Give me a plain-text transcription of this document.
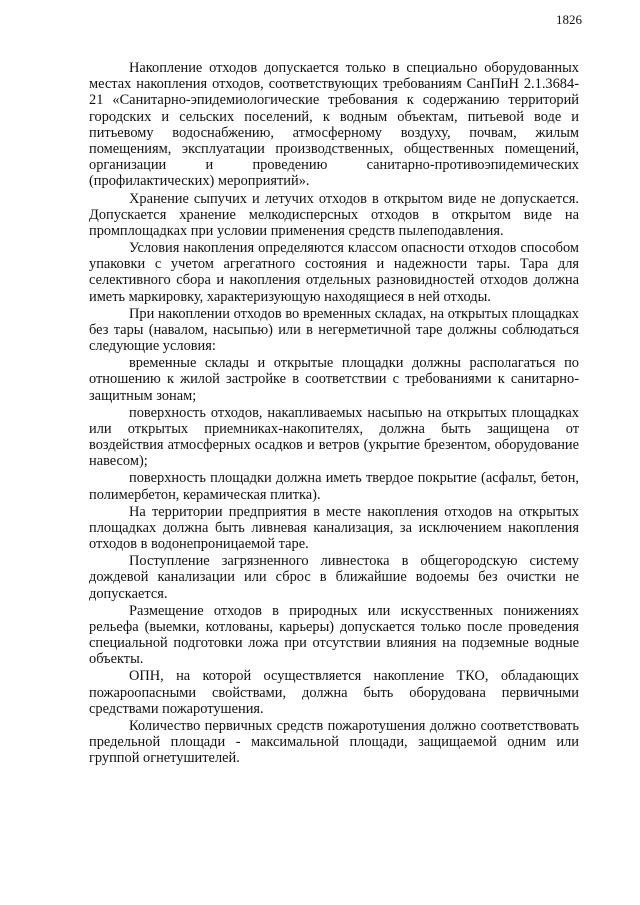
1826

Накопление отходов допускается только в специально оборудованных местах накопления отходов, соответствующих требованиям СанПиН 2.1.3684-21 «Санитарно-эпидемиологические требования к содержанию территорий городских и сельских поселений, к водным объектам, питьевой воде и питьевому водоснабжению, атмосферному воздуху, почвам, жилым помещениям, эксплуатации производственных, общественных помещений, организации и проведению санитарно-противоэпидемических (профилактических) мероприятий».

Хранение сыпучих и летучих отходов в открытом виде не допускается. Допускается хранение мелкодисперсных отходов в открытом виде на промплощадках при условии применения средств пылеподавления.

Условия накопления определяются классом опасности отходов способом упаковки с учетом агрегатного состояния и надежности тары. Тара для селективного сбора и накопления отдельных разновидностей отходов должна иметь маркировку, характеризующую находящиеся в ней отходы.

При накоплении отходов во временных складах, на открытых площадках без тары (навалом, насыпью) или в негерметичной таре должны соблюдаться следующие условия:

временные склады и открытые площадки должны располагаться по отношению к жилой застройке в соответствии с требованиями к санитарно-защитным зонам;

поверхность отходов, накапливаемых насыпью на открытых площадках или открытых приемниках-накопителях, должна быть защищена от воздействия атмосферных осадков и ветров (укрытие брезентом, оборудование навесом);

поверхность площадки должна иметь твердое покрытие (асфальт, бетон, полимербетон, керамическая плитка).

На территории предприятия в месте накопления отходов на открытых площадках должна быть ливневая канализация, за исключением накопления отходов в водонепроницаемой таре.

Поступление загрязненного ливнестока в общегородскую систему дождевой канализации или сброс в ближайшие водоемы без очистки не допускается.

Размещение отходов в природных или искусственных понижениях рельефа (выемки, котлованы, карьеры) допускается только после проведения специальной подготовки ложа при отсутствии влияния на подземные водные объекты.

ОПН, на которой осуществляется накопление ТКО, обладающих пожароопасными свойствами, должна быть оборудована первичными средствами пожаротушения.

Количество первичных средств пожаротушения должно соответствовать предельной площади - максимальной площади, защищаемой одним или группой огнетушителей.
